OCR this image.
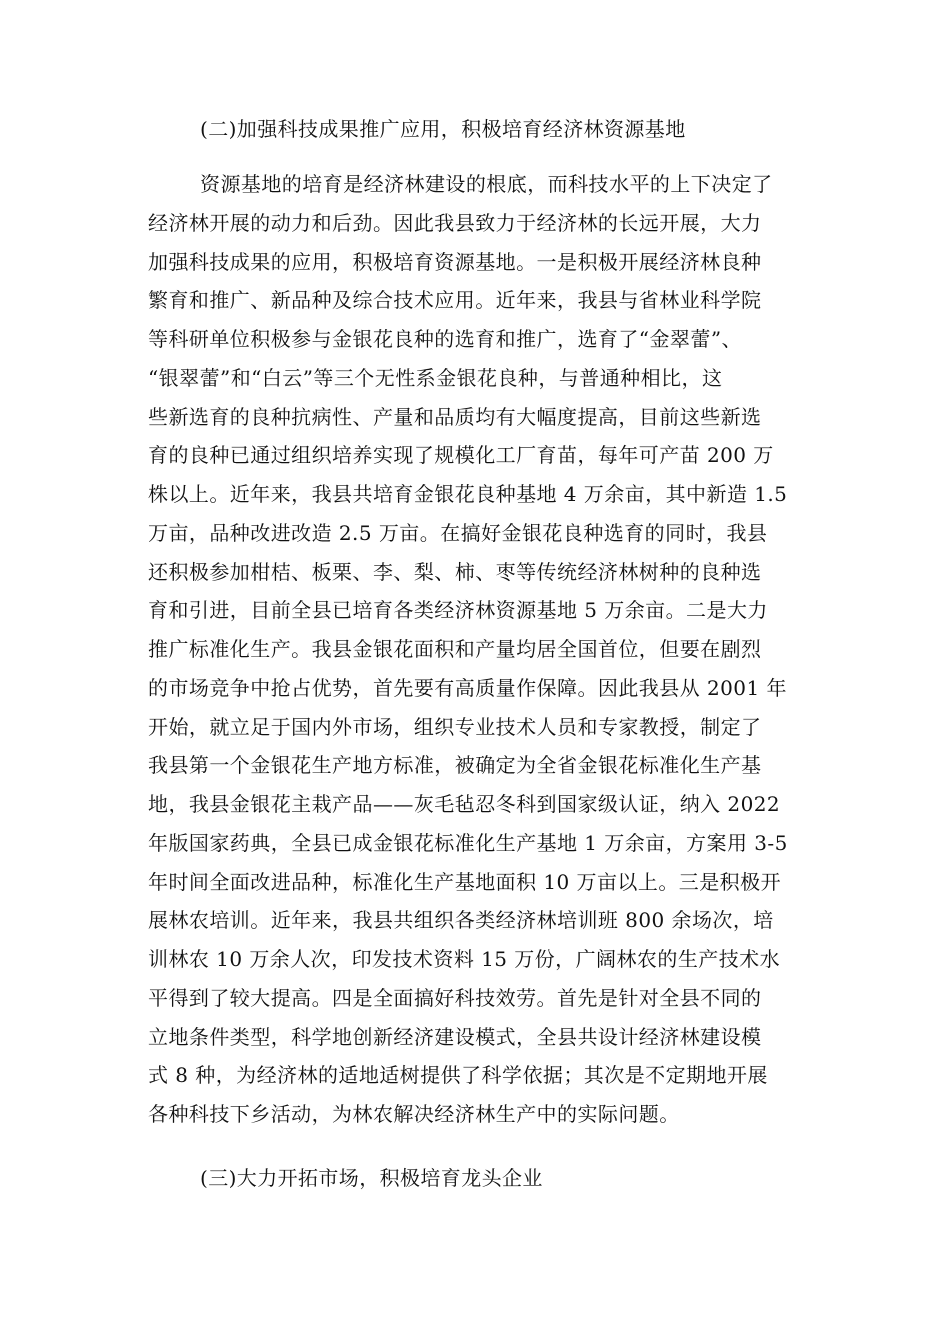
(二)加强科技成果推广应用，积极培育经济林资源基地
资源基地的培育是经济林建设的根底，而科技水平的上下决定了
经济林开展的动力和后劲。因此我县致力于经济林的长远开展，大力
加强科技成果的应用，积极培育资源基地。一是积极开展经济林良种
繁育和推广、新品种及综合技术应用。近年来，我县与省林业科学院
等科研单位积极参与金银花良种的选育和推广，选育了“金翠蕾”、
“银翠蕾”和“白云”等三个无性系金银花良种，与普通种相比，这
些新选育的良种抗病性、产量和品质均有大幅度提高，目前这些新选
育的良种已通过组织培养实现了规模化工厂育苗，每年可产苗 200 万
株以上。近年来，我县共培育金银花良种基地 4 万余亩，其中新造 1.5
万亩，品种改进改造 2.5 万亩。在搞好金银花良种选育的同时，我县
还积极参加柑桔、板栗、李、梨、柿、枣等传统经济林树种的良种选
育和引进，目前全县已培育各类经济林资源基地 5 万余亩。二是大力
推广标准化生产。我县金银花面积和产量均居全国首位，但要在剧烈
的市场竞争中抢占优势，首先要有高质量作保障。因此我县从 2001 年
开始，就立足于国内外市场，组织专业技术人员和专家教授，制定了
我县第一个金银花生产地方标准，被确定为全省金银花标准化生产基
地，我县金银花主栽产品——灰毛毡忍冬科到国家级认证，纳入 2022
年版国家药典，全县已成金银花标准化生产基地 1 万余亩，方案用 3-5
年时间全面改进品种，标准化生产基地面积 10 万亩以上。三是积极开
展林农培训。近年来，我县共组织各类经济林培训班 800 余场次，培
训林农 10 万余人次，印发技术资料 15 万份，广阔林农的生产技术水
平得到了较大提高。四是全面搞好科技效劳。首先是针对全县不同的
立地条件类型，科学地创新经济建设模式，全县共设计经济林建设模
式 8 种，为经济林的适地适树提供了科学依据；其次是不定期地开展
各种科技下乡活动，为林农解决经济林生产中的实际问题。
(三)大力开拓市场，积极培育龙头企业
